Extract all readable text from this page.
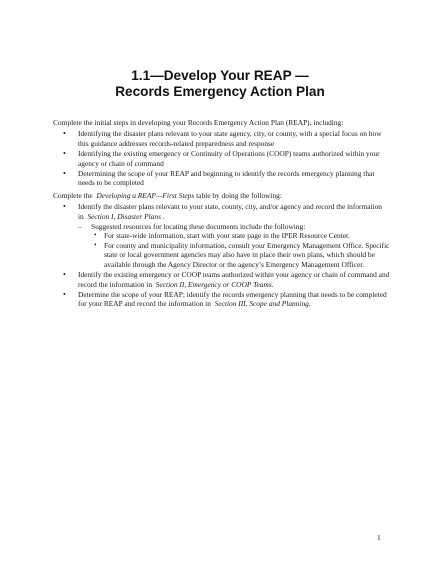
1.1—Develop Your REAP —
Records Emergency Action Plan

Complete the initial steps in developing your Records Emergency Action Plan (REAP), including:

• Identifying the disaster plans relevant to your state agency, city, or county, with a special focus on how this guidance addresses records-related preparedness and response
• Identifying the existing emergency or Continuity of Operations (COOP) teams authorized within your agency or chain of command
• Determining the scope of your REAP and beginning to identify the records emergency planning that needs to be completed

Complete the Developing a REAP—First Steps table by doing the following:

• Identify the disaster plans relevant to your state, county, city, and/or agency and record the information in Section I, Disaster Plans .
– Suggested resources for locating these documents include the following:
• For state-wide information, start with your state page in the IPER Resource Center.
• For county and municipality information, consult your Emergency Management Office. Specific state or local government agencies may also have in place their own plans, which should be available through the Agency Director or the agency’s Emergency Management Officer.
• Identify the existing emergency or COOP teams authorized within your agency or chain of command and record the information in Section II, Emergency or COOP Teams.
• Determine the scope of your REAP; identify the records emergency planning that needs to be completed for your REAP and record the information in Section III, Scope and Planning.
1
